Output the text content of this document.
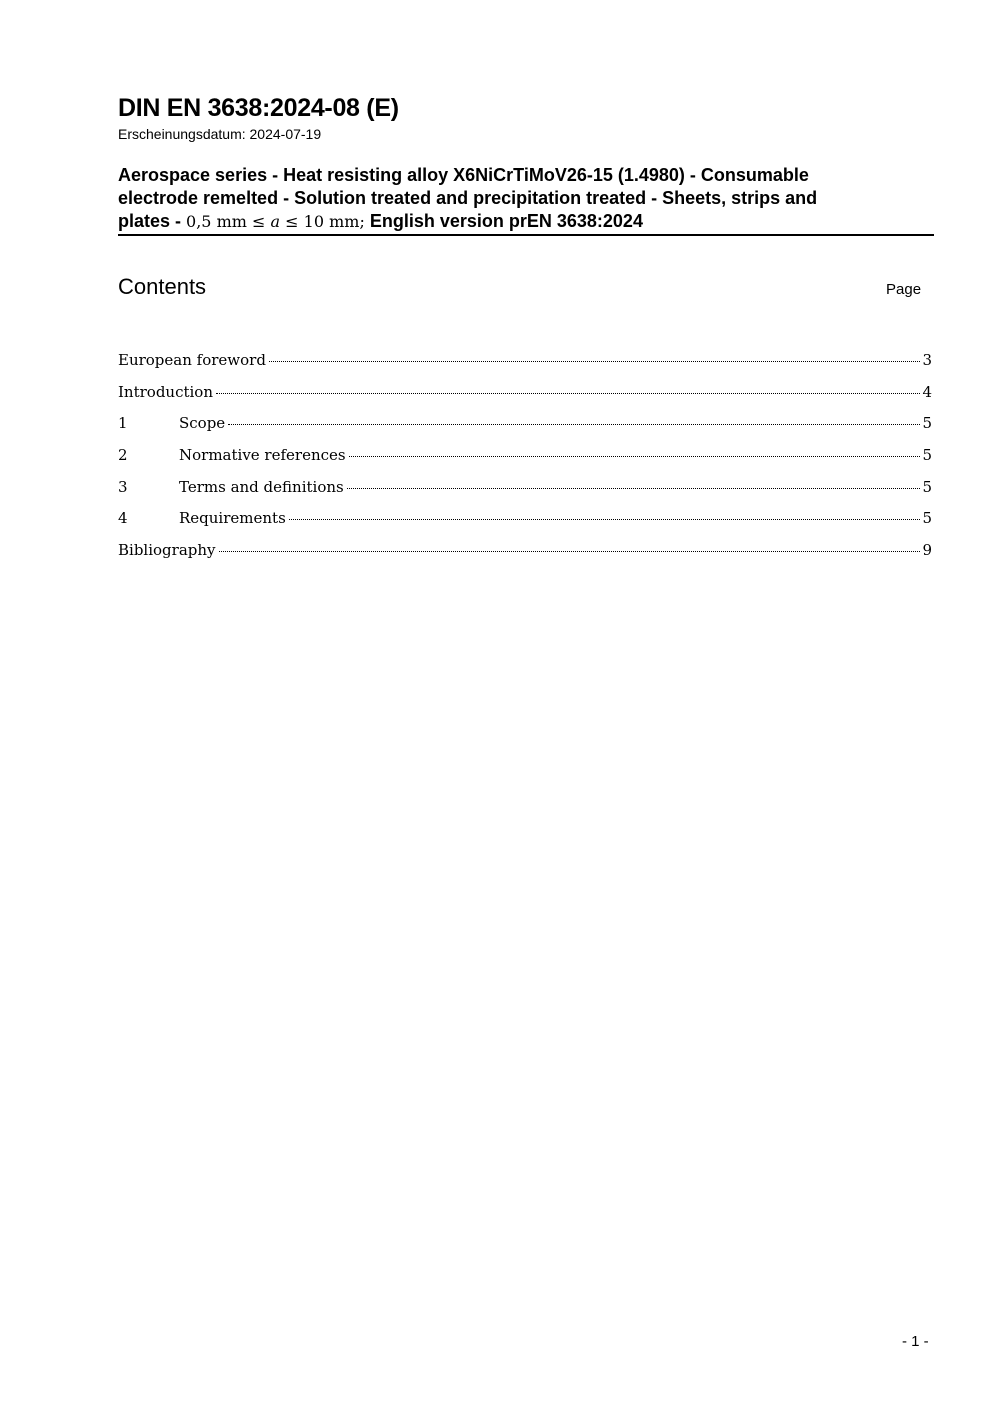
DIN EN 3638:2024-08 (E)
Erscheinungsdatum: 2024-07-19
Aerospace series - Heat resisting alloy X6NiCrTiMoV26-15 (1.4980) - Consumable
electrode remelted - Solution treated and precipitation treated - Sheets, strips and
plates - 0,5 mm ≤ a ≤ 10 mm; English version prEN 3638:2024
Contents	Page
European foreword	3
Introduction	4
1	Scope	5
2	Normative references	5
3	Terms and definitions	5
4	Requirements	5
Bibliography	9
- 1 -
